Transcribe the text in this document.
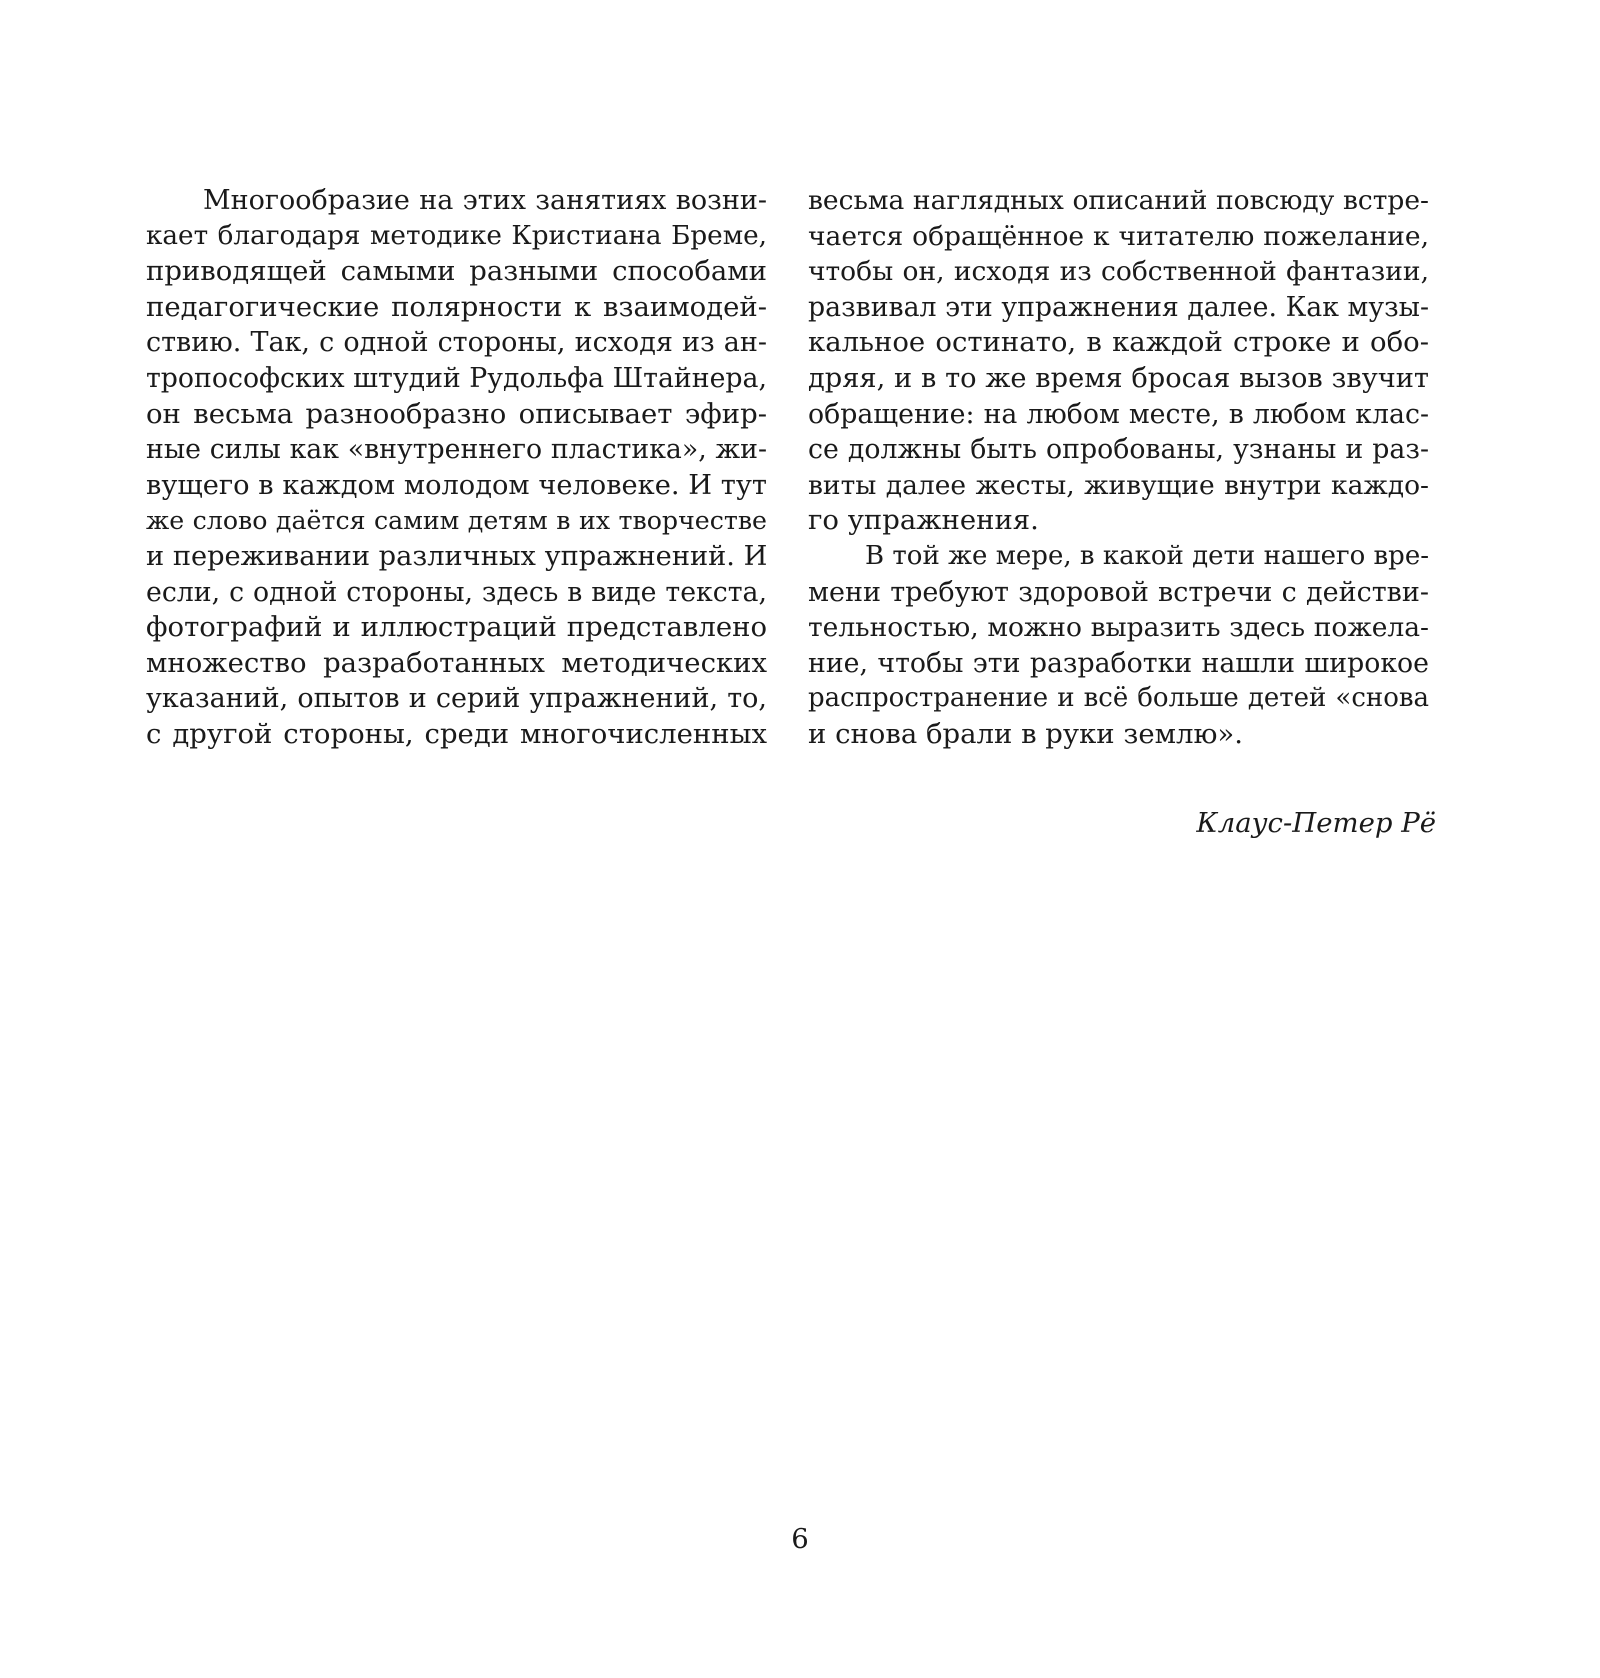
Многообразие на этих занятиях возни-
кает благодаря методике Кристиана Бреме,
приводящей самыми разными способами
педагогические полярности к взаимодей-
ствию. Так, с одной стороны, исходя из ан-
тропософских штудий Рудольфа Штайнера,
он весьма разнообразно описывает эфир-
ные силы как «внутреннего пластика», жи-
вущего в каждом молодом человеке. И тут
же слово даётся самим детям в их творчестве
и переживании различных упражнений. И
если, с одной стороны, здесь в виде текста,
фотографий и иллюстраций представлено
множество разработанных методических
указаний, опытов и серий упражнений, то,
с другой стороны, среди многочисленных
весьма наглядных описаний повсюду встре-
чается обращённое к читателю пожелание,
чтобы он, исходя из собственной фантазии,
развивал эти упражнения далее. Как музы-
кальное остинато, в каждой строке и обо-
дряя, и в то же время бросая вызов звучит
обращение: на любом месте, в любом клас-
се должны быть опробованы, узнаны и раз-
виты далее жесты, живущие внутри каждо-
го упражнения.
В той же мере, в какой дети нашего вре-
мени требуют здоровой встречи с действи-
тельностью, можно выразить здесь пожела-
ние, чтобы эти разработки нашли широкое
распространение и всё больше детей «снова
и снова брали в руки землю».
Клаус-Петер Рё
6
